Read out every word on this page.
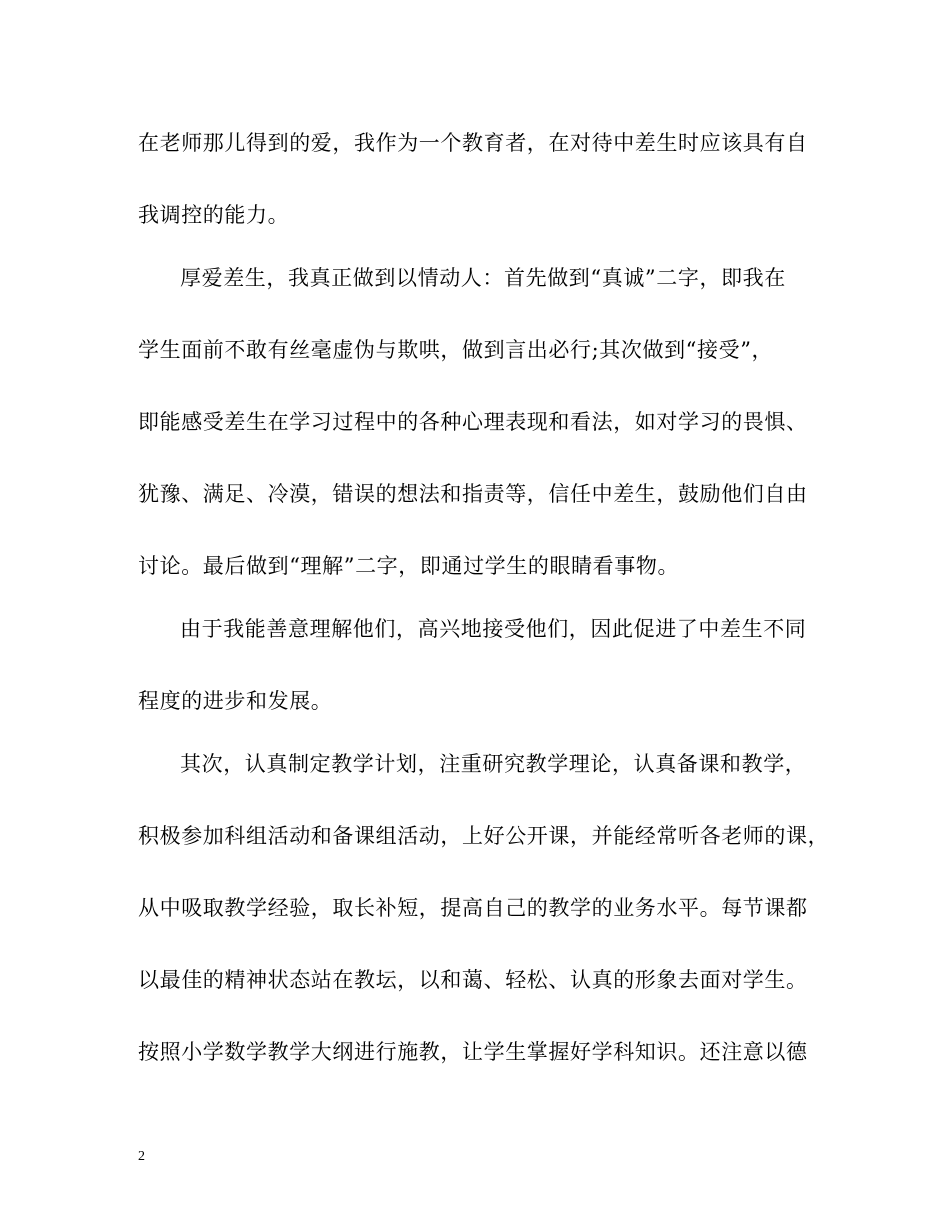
在老师那儿得到的爱，我作为一个教育者，在对待中差生时应该具有自
我调控的能力。
厚爱差生，我真正做到以情动人：首先做到“真诚”二字，即我在
学生面前不敢有丝毫虚伪与欺哄，做到言出必行;其次做到“接受”，
即能感受差生在学习过程中的各种心理表现和看法，如对学习的畏惧、
犹豫、满足、冷漠，错误的想法和指责等，信任中差生，鼓励他们自由
讨论。最后做到“理解”二字，即通过学生的眼睛看事物。
由于我能善意理解他们，高兴地接受他们，因此促进了中差生不同
程度的进步和发展。
其次，认真制定教学计划，注重研究教学理论，认真备课和教学，
积极参加科组活动和备课组活动，上好公开课，并能经常听各老师的课，
从中吸取教学经验，取长补短，提高自己的教学的业务水平。每节课都
以最佳的精神状态站在教坛，以和蔼、轻松、认真的形象去面对学生。
按照小学数学教学大纲进行施教，让学生掌握好学科知识。还注意以德
2
